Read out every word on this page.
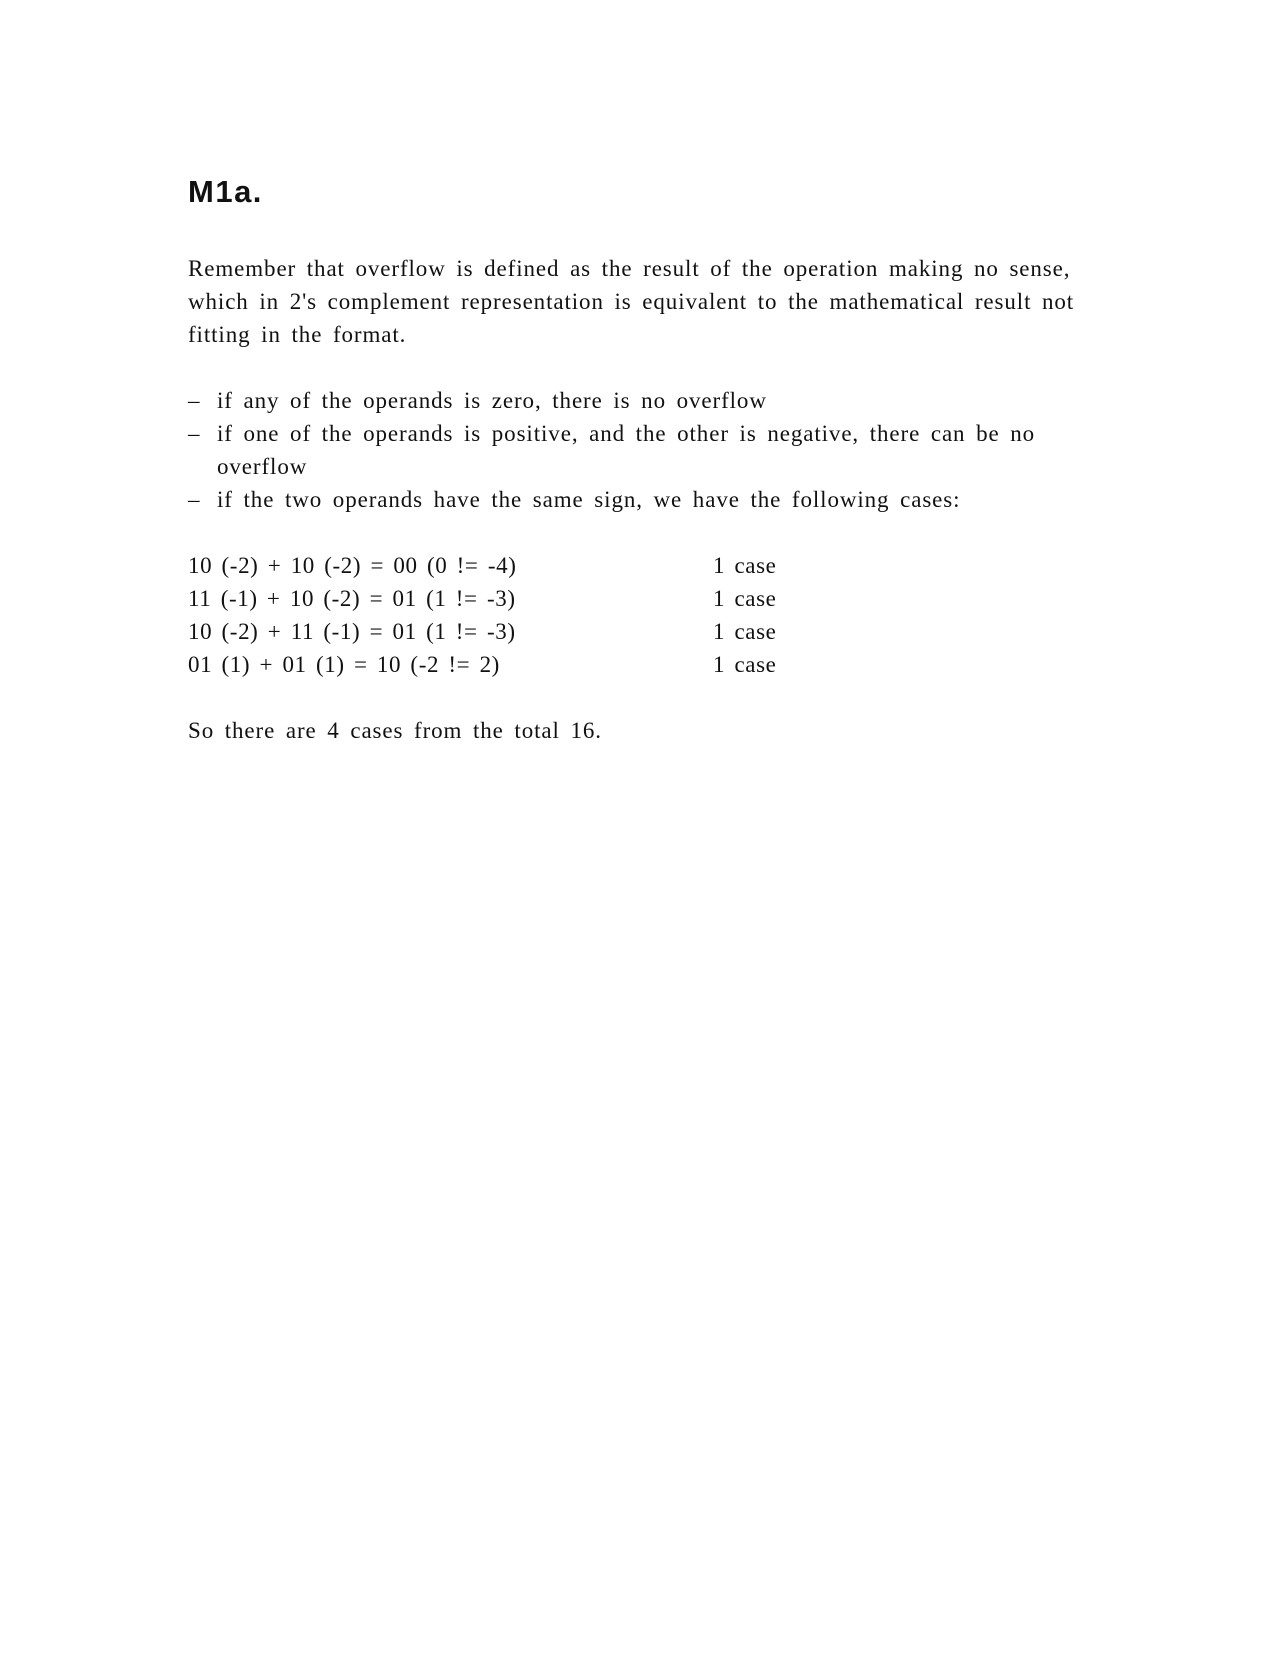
M1a.

Remember that overflow is defined as the result of the operation making no sense, which in 2's complement representation is equivalent to the mathematical result not fitting in the format.

– if any of the operands is zero, there is no overflow
– if one of the operands is positive, and the other is negative, there can be no overflow
– if the two operands have the same sign, we have the following cases:
10 (-2) + 10 (-2) = 00 (0 != -4)	1 case
11 (-1) + 10 (-2) = 01 (1 != -3)	1 case
10 (-2) + 11 (-1) = 01 (1 != -3)	1 case
01 (1) + 01 (1) = 10 (-2 != 2)	1 case

So there are 4 cases from the total 16.
